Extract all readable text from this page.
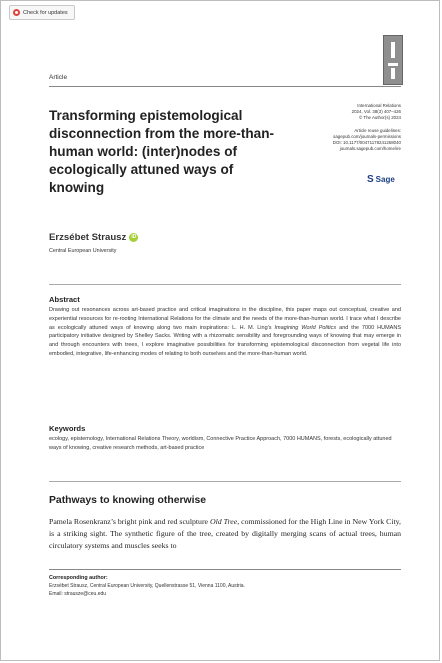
Check for updates
Article
Transforming epistemological disconnection from the more-than-human world: (inter)nodes of ecologically attuned ways of knowing
International Relations
2024, Vol. 38(3) 407–426
© The Author(s) 2024

Article reuse guidelines:
sagepub.com/journals-permissions
DOI: 10.1177/00471178241268040
journals.sagepub.com/home/ire
S Sage
Erzsébet Strausz	iD
Central European University
Abstract

Drawing out resonances across art-based practice and critical imaginations in the discipline, this paper maps out conceptual, creative and experiential resources for re-rooting International Relations for the climate and the needs of the more-than-human world. I trace what I describe as ecologically attuned ways of knowing along two main inspirations: L. H. M. Ling’s Imagining World Politics and the 7000 HUMANS participatory initiative designed by Shelley Sacks. Writing with a rhizomatic sensibility and foregrounding ways of knowing that may emerge in and through encounters with trees, I explore imaginative possibilities for transforming epistemological disconnection from vegetal life into embodied, integrative, life-enhancing modes of relating to both ourselves and the more-than-human world.

Keywords

ecology, epistemology, International Relations Theory, worldism, Connective Practice Approach, 7000 HUMANS, forests, ecologically attuned ways of knowing, creative research methods, art-based practice

Pathways to knowing otherwise

Pamela Rosenkranz’s bright pink and red sculpture Old Tree, commissioned for the High Line in New York City, is a striking sight. The synthetic figure of the tree, created by digitally merging scans of actual trees, human circulatory systems and muscles seeks to

Corresponding author:
Erzsébet Strausz, Central European University, Quellenstrasse 51, Vienna 1100, Austria.
Email: strausze@ceu.edu
